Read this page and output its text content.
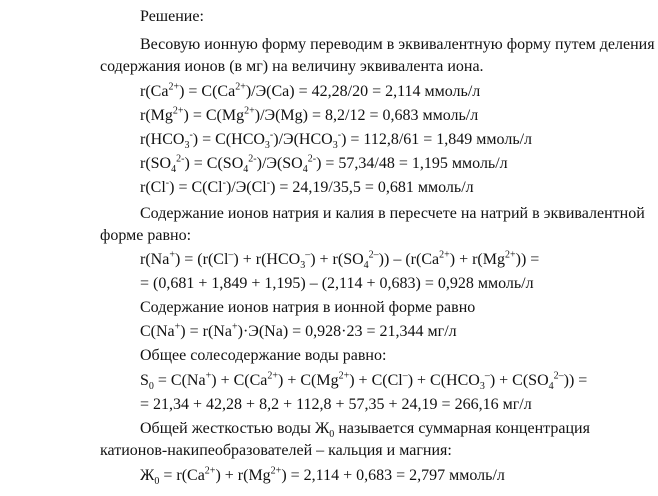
Решение:
Весовую ионную форму переводим в эквивалентную форму путем деления
содержания ионов (в мг) на величину эквивалента иона.
$r(Ca^{2+}) = C(Ca^{2+})/Э(Ca) = 42,28/20 = 2,114$ ммоль/л
$r(Mg^{2+}) = C(Mg^{2+})/Э(Mg) = 8,2/12 = 0,683$ ммоль/л
$r(HCO_3^-) = C(HCO_3^-)/Э(HCO_3^-) = 112,8/61 = 1,849$ ммоль/л
$r(SO_4^{2-}) = C(SO_4^{2-})/Э(SO_4^{2-}) = 57,34/48 = 1,195$ ммоль/л
r(Cl-) = C(Cl-)/Э(Cl-) = 24,19/35,5 = 0,681 ммоль/л
Содержание ионов натрия и калия в пересчете на натрий в эквивалентной
форме равно:
$r(Na^+) = (r(Cl^-) + r(HCO_3^-) + r(SO_4^{2-})) - (r(Ca^{2+}) + r(Mg^{2+}))$ =
= (0,681 + 1,849 + 1,195) – (2,114 + 0,683) = 0,928 ммоль/л
Содержание ионов натрия в ионной форме равно
C(Na+) = r(Na+)·Э(Na) = 0,928·23 = 21,344 мг/л
Общее солесодержание воды равно:
$S_0 = C(Na^+) + C(Ca^{2+}) + C(Mg^{2+}) + C(Cl^-) + C(HCO_3^-) + C(SO_4^{2-})$) =
= 21,34 + 42,28 + 8,2 + 112,8 + 57,35 + 24,19 = 266,16 мг/л
Общей жесткостью воды $Ж_0$ называется суммарная концентрация
катионов-накипеобразователей – кальция и магния:
$Ж_0 = r(Ca^{2+}) + r(Mg^{2+}) = 2,114 + 0,683 = 2,797$ ммоль/л
